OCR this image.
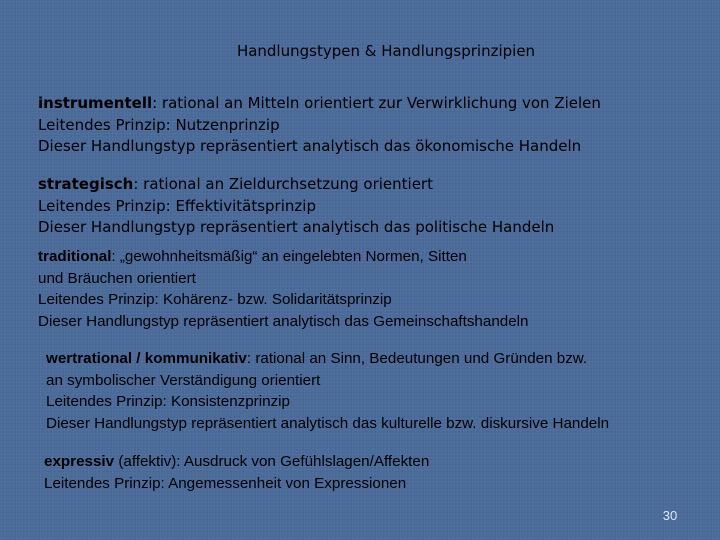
Handlungstypen & Handlungsprinzipien
instrumentell: rational an Mitteln orientiert zur Verwirklichung von Zielen
Leitendes Prinzip: Nutzenprinzip
Dieser Handlungstyp repräsentiert analytisch das ökonomische Handeln
strategisch: rational an Zieldurchsetzung orientiert
Leitendes Prinzip: Effektivitätsprinzip
Dieser Handlungstyp repräsentiert analytisch das politische Handeln
traditional: „gewohnheitsmäßig“ an eingelebten Normen, Sitten
und Bräuchen orientiert
Leitendes Prinzip: Kohärenz- bzw. Solidaritätsprinzip
Dieser Handlungstyp repräsentiert analytisch das Gemeinschaftshandeln
wertrational / kommunikativ: rational an Sinn, Bedeutungen und Gründen bzw.
an symbolischer Verständigung orientiert
Leitendes Prinzip: Konsistenzprinzip
Dieser Handlungstyp repräsentiert analytisch das kulturelle bzw. diskursive Handeln
expressiv (affektiv): Ausdruck von Gefühlslagen/Affekten
Leitendes Prinzip: Angemessenheit von Expressionen
30
